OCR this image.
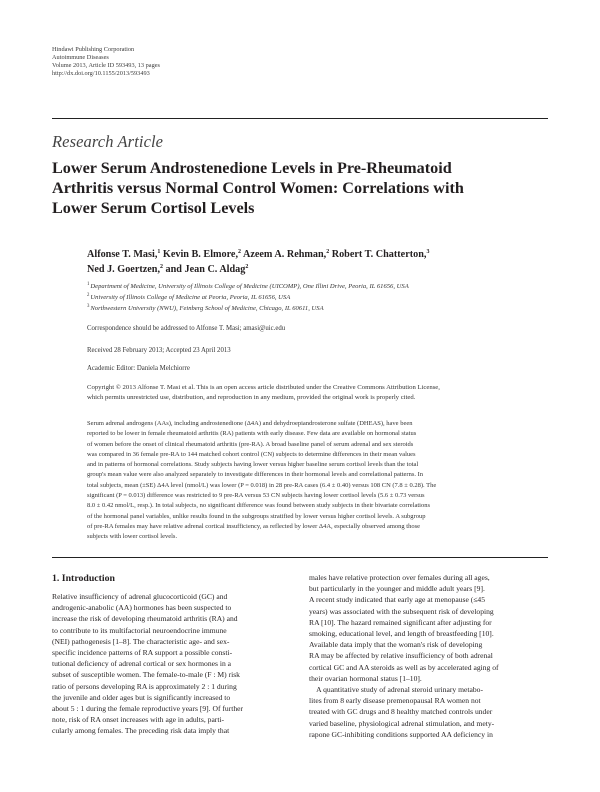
Hindawi Publishing Corporation
Autoimmune Diseases
Volume 2013, Article ID 593493, 13 pages
http://dx.doi.org/10.1155/2013/593493
Research Article
Lower Serum Androstenedione Levels in Pre-Rheumatoid
Arthritis versus Normal Control Women: Correlations with
Lower Serum Cortisol Levels
Alfonse T. Masi,$^1$ Kevin B. Elmore,$^2$ Azeem A. Rehman,$^2$ Robert T. Chatterton,$^3$
Ned J. Goertzen,$^2$ and Jean C. Aldag$^2$
$^1$Department of Medicine, University of Illinois College of Medicine (UICOMP), One Illini Drive, Peoria, IL 61656, USA
$^2$University of Illinois College of Medicine at Peoria, Peoria, IL 61656, USA
$^3$Northwestern University (NWU), Feinberg School of Medicine, Chicago, IL 60611, USA
Correspondence should be addressed to Alfonse T. Masi; amasi@uic.edu
Received 28 February 2013; Accepted 23 April 2013
Academic Editor: Daniela Melchiorre
Copyright © 2013 Alfonse T. Masi et al. This is an open access article distributed under the Creative Commons Attribution License,
which permits unrestricted use, distribution, and reproduction in any medium, provided the original work is properly cited.
Serum adrenal androgens (AAs), including androstenedione (Δ4A) and dehydroepiandrosterone sulfate (DHEAS), have been
reported to be lower in female rheumatoid arthritis (RA) patients with early disease. Few data are available on hormonal status
of women before the onset of clinical rheumatoid arthritis (pre-RA). A broad baseline panel of serum adrenal and sex steroids
was compared in 36 female pre-RA to 144 matched cohort control (CN) subjects to determine differences in their mean values
and in patterns of hormonal correlations. Study subjects having lower versus higher baseline serum cortisol levels than the total
group's mean value were also analyzed separately to investigate differences in their hormonal levels and correlational patterns. In
total subjects, mean (±SE) Δ4A level (nmol/L) was lower (P = 0.018) in 28 pre-RA cases (6.4 ± 0.40) versus 108 CN (7.8 ± 0.28). The
significant (P = 0.013) difference was restricted to 9 pre-RA versus 53 CN subjects having lower cortisol levels (5.6 ± 0.73 versus
8.0 ± 0.42 nmol/L, resp.). In total subjects, no significant difference was found between study subjects in their bivariate correlations
of the hormonal panel variables, unlike results found in the subgroups stratified by lower versus higher cortisol levels. A subgroup
of pre-RA females may have relative adrenal cortical insufficiency, as reflected by lower Δ4A, especially observed among those
subjects with lower cortisol levels.
1. Introduction
Relative insufficiency of adrenal glucocorticoid (GC) and
androgenic-anabolic (AA) hormones has been suspected to
increase the risk of developing rheumatoid arthritis (RA) and
to contribute to its multifactorial neuroendocrine immune
(NEI) pathogenesis [1–8]. The characteristic age- and sex-
specific incidence patterns of RA support a possible consti-
tutional deficiency of adrenal cortical or sex hormones in a
subset of susceptible women. The female-to-male (F : M) risk
ratio of persons developing RA is approximately 2 : 1 during
the juvenile and older ages but is significantly increased to
about 5 : 1 during the female reproductive years [9]. Of further
note, risk of RA onset increases with age in adults, parti-
cularly among females. The preceding risk data imply that
males have relative protection over females during all ages,
but particularly in the younger and middle adult years [9].
A recent study indicated that early age at menopause (≤45
years) was associated with the subsequent risk of developing
RA [10]. The hazard remained significant after adjusting for
smoking, educational level, and length of breastfeeding [10].
Available data imply that the woman's risk of developing
RA may be affected by relative insufficiency of both adrenal
cortical GC and AA steroids as well as by accelerated aging of
their ovarian hormonal status [1–10].
A quantitative study of adrenal steroid urinary metabo-
lites from 8 early disease premenopausal RA women not
treated with GC drugs and 8 healthy matched controls under
varied baseline, physiological adrenal stimulation, and mety-
rapone GC-inhibiting conditions supported AA deficiency in
